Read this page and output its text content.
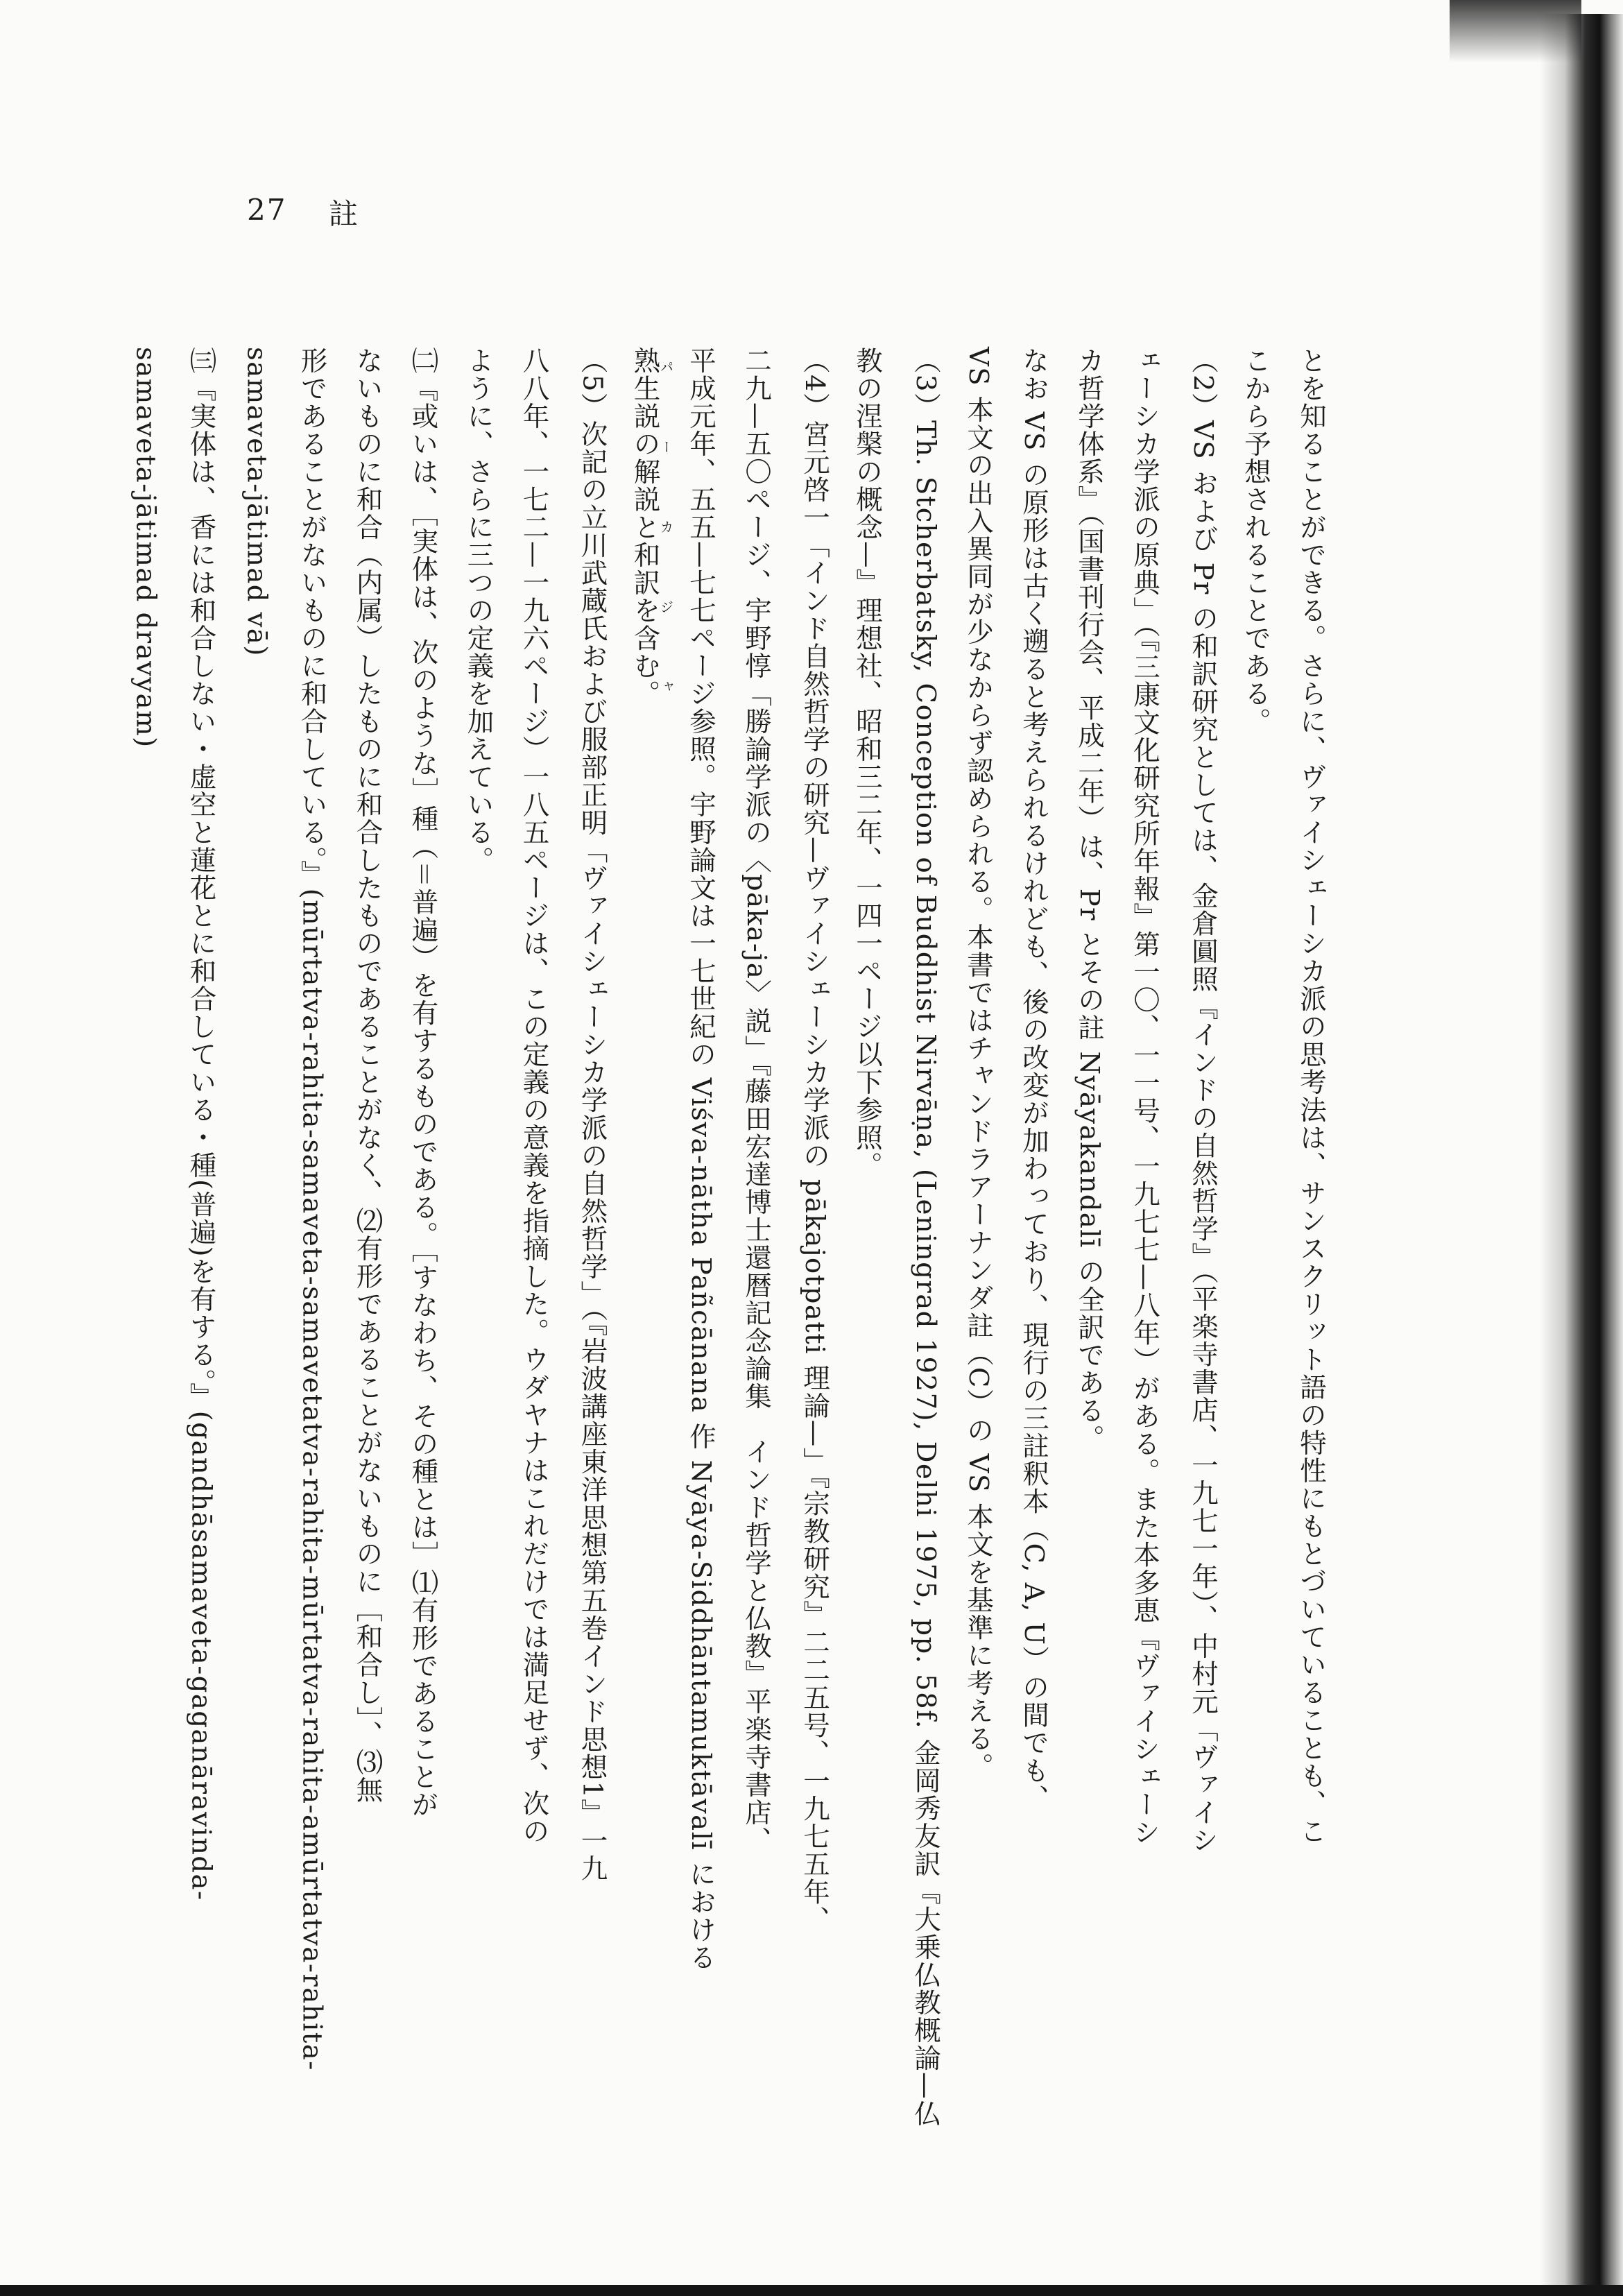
27 註
とを知ることができる。さらに、ヴァイシェーシカ派の思考法は、サンスクリット語の特性にもとづいていることも、こ
こから予想されることである。
（2）VS および Pr の和訳研究としては、金倉圓照『インドの自然哲学』（平楽寺書店、一九七一年）、中村元「ヴァイシ
ェーシカ学派の原典」（『三康文化研究所年報』第一〇、一一号、一九七七—八年）がある。また本多恵『ヴァイシェーシ
カ哲学体系』（国書刊行会、平成二年）は、Pr とその註 Nyāyakandalī の全訳である。
なお VS の原形は古く遡ると考えられるけれども、後の改変が加わっており、現行の三註釈本（C, A, U）の間でも、
VS 本文の出入異同が少なからず認められる。本書ではチャンドラアーナンダ註（C）の VS 本文を基準に考える。
（3）Th. Stcherbatsky, Conception of Buddhist Nirvāṇa, (Leningrad 1927), Delhi 1975, pp. 58f. 金岡秀友訳『大乗仏教概論—仏
教の涅槃の概念—』理想社、昭和三二年、一四一ページ以下参照。
（4）宮元啓一「インド自然哲学の研究—ヴァイシェーシカ学派の pākajotpatti 理論—」『宗教研究』二二五号、一九七五年、
二九—五〇ページ、宇野惇「勝論学派の〈pāka-ja〉説」『藤田宏達博士還暦記念論集　インド哲学と仏教』平楽寺書店、
平成元年、五五—七七ページ参照。宇野論文は一七世紀の Viśva-nātha Pañcānana 作 Nyāya-Siddhāntamuktāvalī における
熟生説の解説と和訳を含む。パーカジャ
（5）次記の立川武蔵氏および服部正明「ヴァイシェーシカ学派の自然哲学」（『岩波講座東洋思想第五巻インド思想1』一九
八八年、一七二—一九六ページ）一八五ページは、この定義の意義を指摘した。ウダヤナはこれだけでは満足せず、次の
ように、さらに三つの定義を加えている。
㈡『或いは、［実体は、次のような］種（＝普遍）を有するものである。［すなわち、その種とは］⑴有形であることが
ないものに和合（内属）したものに和合したものであることがなく、⑵有形であることがないものに［和合し］、⑶無
形であることがないものに和合している。』(mūrtatva-rahita-samaveta-samavetatva-rahita-mūrtatva-rahita-amūrtatva-rahita-
samaveta-jātimad vā)
㈢『実体は、香には和合しない・虚空と蓮花とに和合している・種(普遍)を有する。』(gandhāsamaveta-gaganāravinda-
samaveta-jātimad dravyam)
